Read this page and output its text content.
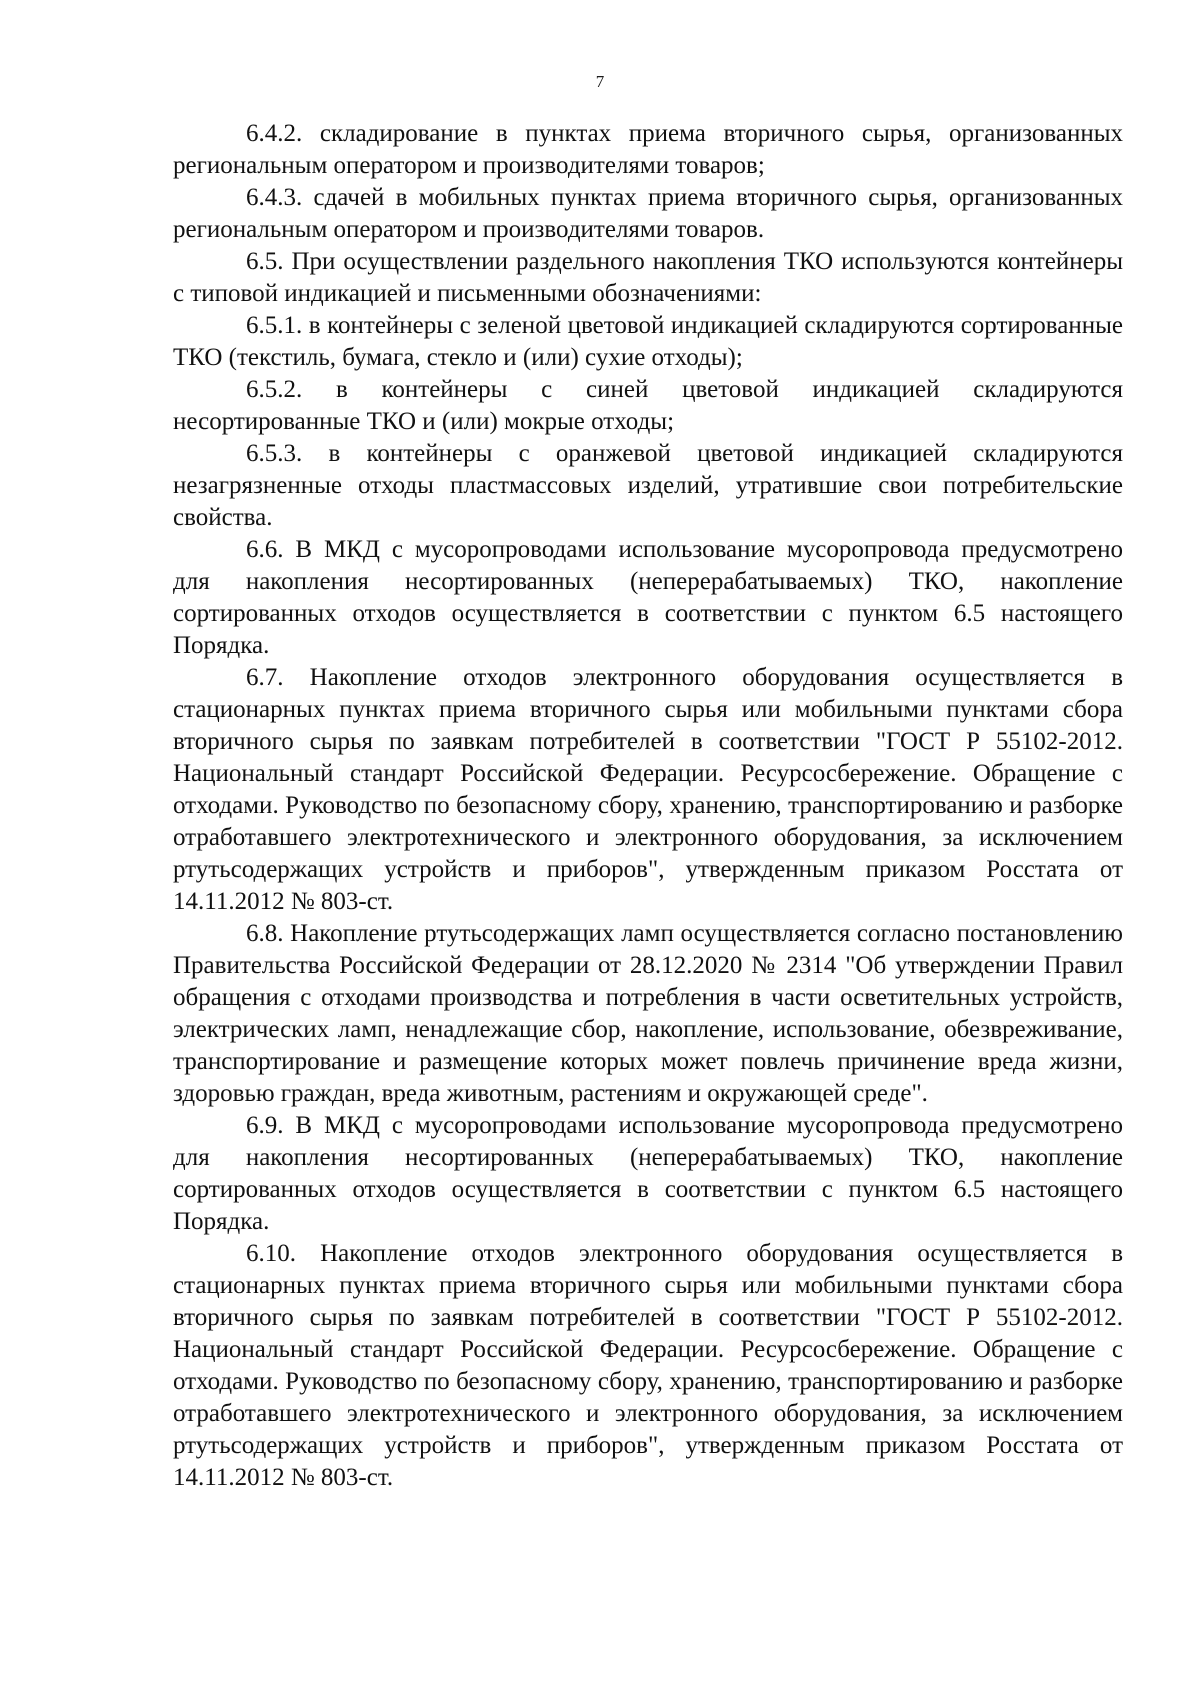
7

6.4.2. складирование в пунктах приема вторичного сырья, организованных региональным оператором и производителями товаров;

6.4.3. сдачей в мобильных пунктах приема вторичного сырья, организованных региональным оператором и производителями товаров.

6.5. При осуществлении раздельного накопления ТКО используются контейнеры с типовой индикацией и письменными обозначениями:

6.5.1. в контейнеры с зеленой цветовой индикацией складируются сортированные ТКО (текстиль, бумага, стекло и (или) сухие отходы);

6.5.2. в контейнеры с синей цветовой индикацией складируются несортированные ТКО и (или) мокрые отходы;

6.5.3. в контейнеры с оранжевой цветовой индикацией складируются незагрязненные отходы пластмассовых изделий, утратившие свои потребительские свойства.

6.6. В МКД с мусоропроводами использование мусоропровода предусмотрено для накопления несортированных (неперерабатываемых) ТКО, накопление сортированных отходов осуществляется в соответствии с пунктом 6.5 настоящего Порядка.

6.7. Накопление отходов электронного оборудования осуществляется в стационарных пунктах приема вторичного сырья или мобильными пунктами сбора вторичного сырья по заявкам потребителей в соответствии "ГОСТ Р 55102-2012. Национальный стандарт Российской Федерации. Ресурсосбережение. Обращение с отходами. Руководство по безопасному сбору, хранению, транспортированию и разборке отработавшего электротехнического и электронного оборудования, за исключением ртутьсодержащих устройств и приборов", утвержденным приказом Росстата от 14.11.2012 № 803-ст.

6.8. Накопление ртутьсодержащих ламп осуществляется согласно постановлению Правительства Российской Федерации от 28.12.2020 № 2314 "Об утверждении Правил обращения с отходами производства и потребления в части осветительных устройств, электрических ламп, ненадлежащие сбор, накопление, использование, обезвреживание, транспортирование и размещение которых может повлечь причинение вреда жизни, здоровью граждан, вреда животным, растениям и окружающей среде".

6.9. В МКД с мусоропроводами использование мусоропровода предусмотрено для накопления несортированных (неперерабатываемых) ТКО, накопление сортированных отходов осуществляется в соответствии с пунктом 6.5 настоящего Порядка.

6.10. Накопление отходов электронного оборудования осуществляется в стационарных пунктах приема вторичного сырья или мобильными пунктами сбора вторичного сырья по заявкам потребителей в соответствии "ГОСТ Р 55102-2012. Национальный стандарт Российской Федерации. Ресурсосбережение. Обращение с отходами. Руководство по безопасному сбору, хранению, транспортированию и разборке отработавшего электротехнического и электронного оборудования, за исключением ртутьсодержащих устройств и приборов", утвержденным приказом Росстата от 14.11.2012 № 803-ст.
